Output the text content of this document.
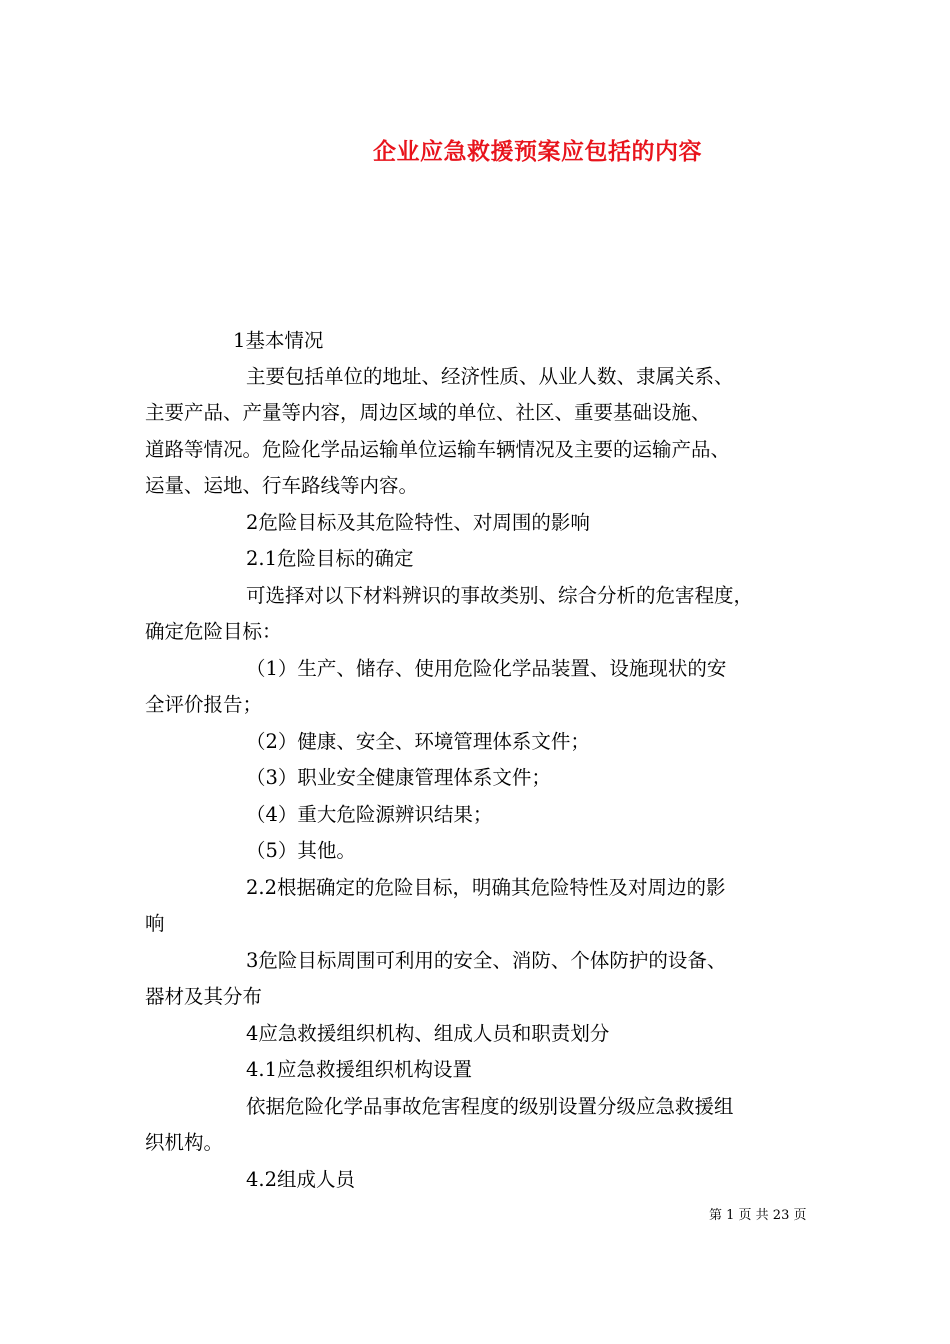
企业应急救援预案应包括的内容
1基本情况
主要包括单位的地址、经济性质、从业人数、隶属关系、
主要产品、产量等内容，周边区域的单位、社区、重要基础设施、
道路等情况。危险化学品运输单位运输车辆情况及主要的运输产品、
运量、运地、行车路线等内容。
2危险目标及其危险特性、对周围的影响
2.1危险目标的确定
可选择对以下材料辨识的事故类别、综合分析的危害程度，
确定危险目标：
（1）生产、储存、使用危险化学品装置、设施现状的安
全评价报告；
（2）健康、安全、环境管理体系文件；
（3）职业安全健康管理体系文件；
（4）重大危险源辨识结果；
（5）其他。
2.2根据确定的危险目标，明确其危险特性及对周边的影
响
3危险目标周围可利用的安全、消防、个体防护的设备、
器材及其分布
4应急救援组织机构、组成人员和职责划分
4.1应急救援组织机构设置
依据危险化学品事故危害程度的级别设置分级应急救援组
织机构。
4.2组成人员
第 1 页 共 23 页
